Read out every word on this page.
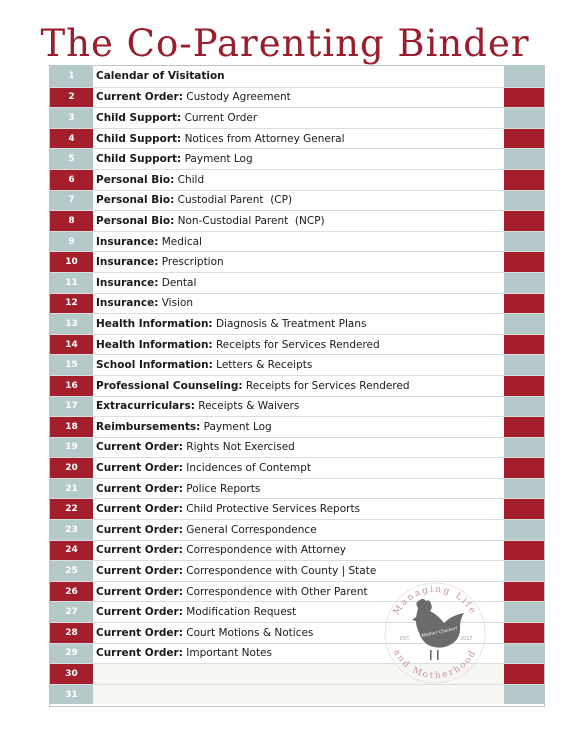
The Co-Parenting Binder
1	Calendar of Visitation
2	Current Order: Custody Agreement
3	Child Support: Current Order
4	Child Support: Notices from Attorney General
5	Child Support: Payment Log
6	Personal Bio: Child
7	Personal Bio: Custodial Parent  (CP)
8	Personal Bio: Non-Custodial Parent  (NCP)
9	Insurance: Medical
10	Insurance: Prescription
11	Insurance: Dental
12	Insurance: Vision
13	Health Information: Diagnosis & Treatment Plans
14	Health Information: Receipts for Services Rendered
15	School Information: Letters & Receipts
16	Professional Counseling: Receipts for Services Rendered
17	Extracurriculars: Receipts & Waivers
18	Reimbursements: Payment Log
19	Current Order: Rights Not Exercised
20	Current Order: Incidences of Contempt
21	Current Order: Police Reports
22	Current Order: Child Protective Services Reports
23	Current Order: General Correspondence
24	Current Order: Correspondence with Attorney
25	Current Order: Correspondence with County | State
26	Current Order: Correspondence with Other Parent
27	Current Order: Modification Request
28	Current Order: Court Motions & Notices
29	Current Order: Important Notes
30
31
Managing Life
and Motherhood
EST.	2017
Oh Mother Clucker!
